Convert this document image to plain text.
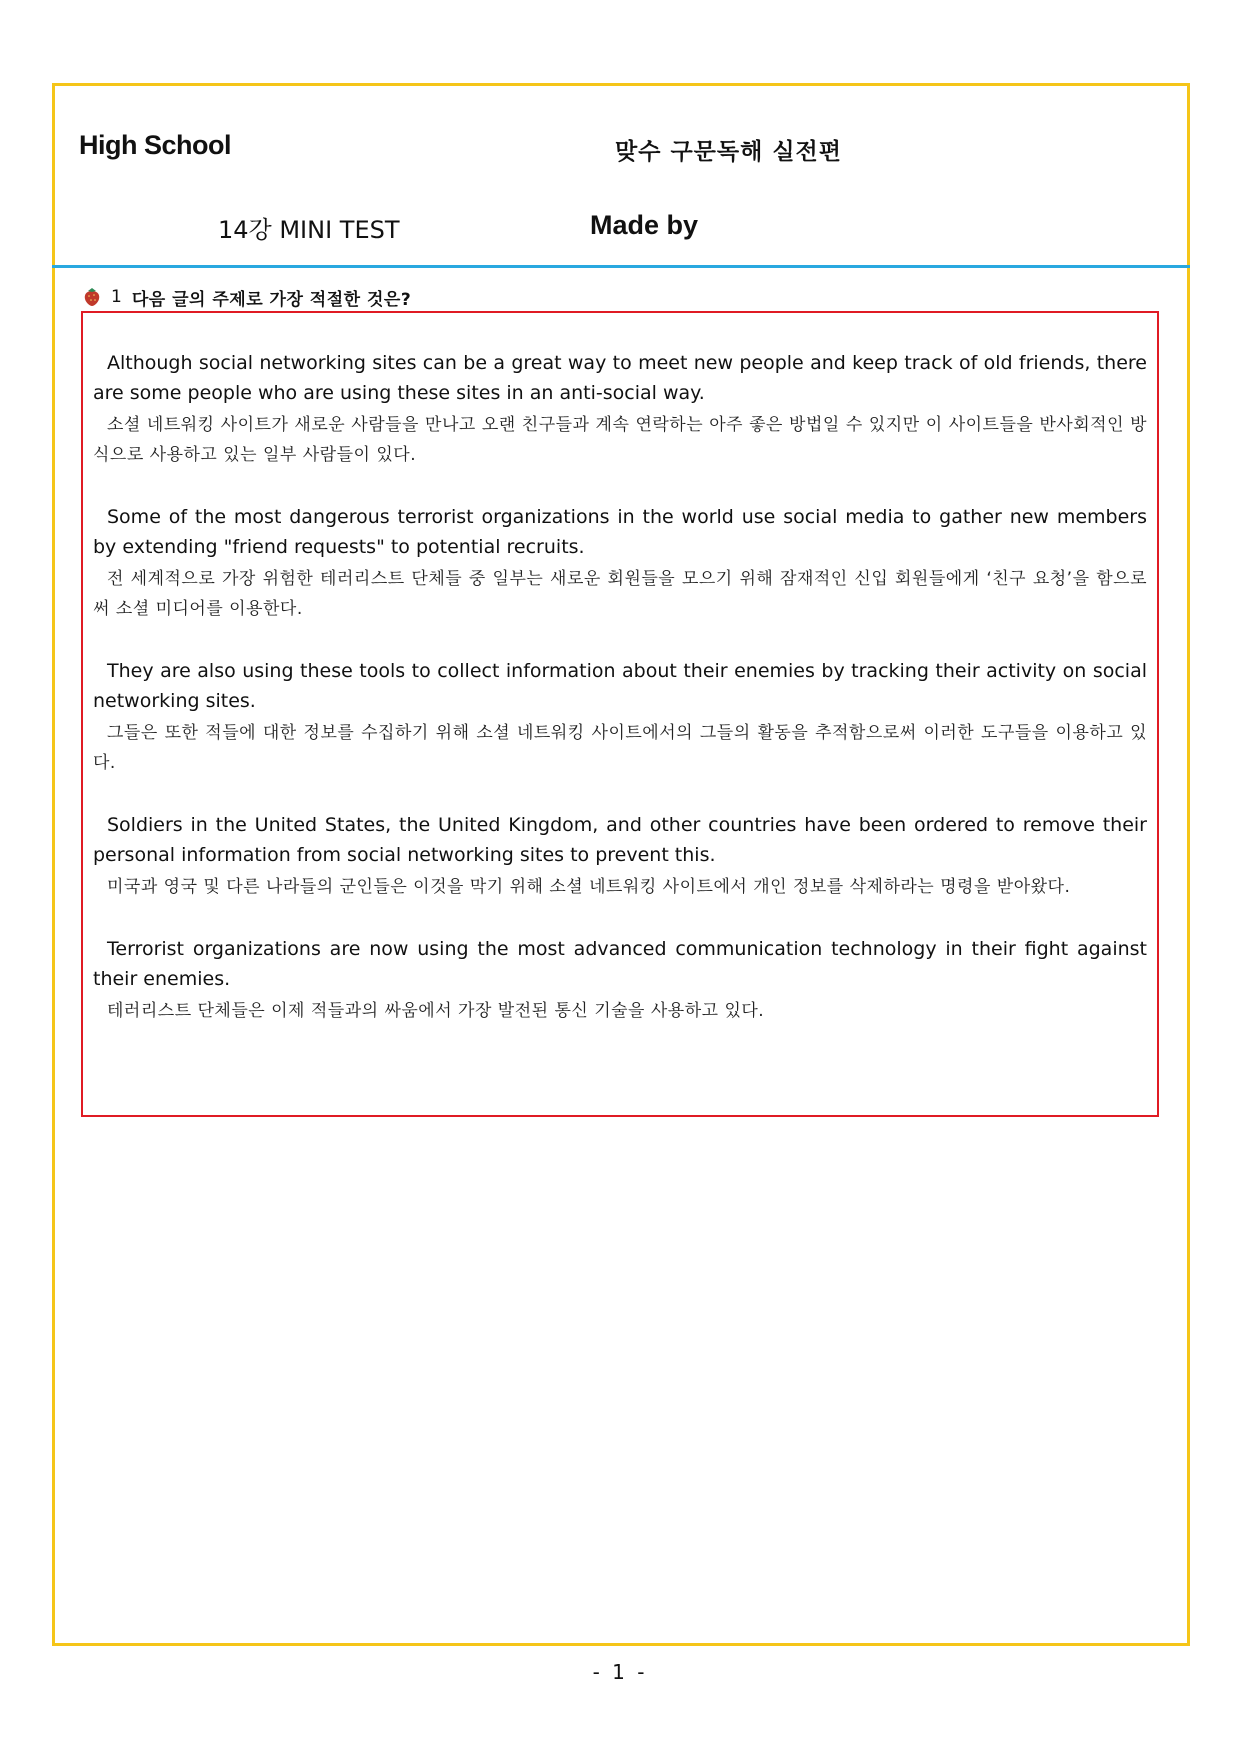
High School	맞수 구문독해 실전편
14강 MINI TEST	Made by
1 다음 글의 주제로 가장 적절한 것은?

Although social networking sites can be a great way to meet new people and keep track of old friends, there are some people who are using these sites in an anti-social way.

소셜 네트워킹 사이트가 새로운 사람들을 만나고 오랜 친구들과 계속 연락하는 아주 좋은 방법일 수 있지만 이 사이트들을 반사회적인 방식으로 사용하고 있는 일부 사람들이 있다.

Some of the most dangerous terrorist organizations in the world use social media to gather new members by extending "friend requests" to potential recruits.

전 세계적으로 가장 위험한 테러리스트 단체들 중 일부는 새로운 회원들을 모으기 위해 잠재적인 신입 회원들에게 ‘친구 요청’을 함으로써 소셜 미디어를 이용한다.

They are also using these tools to collect information about their enemies by tracking their activity on social networking sites.

그들은 또한 적들에 대한 정보를 수집하기 위해 소셜 네트워킹 사이트에서의 그들의 활동을 추적함으로써 이러한 도구들을 이용하고 있다.

Soldiers in the United States, the United Kingdom, and other countries have been ordered to remove their personal information from social networking sites to prevent this.

미국과 영국 및 다른 나라들의 군인들은 이것을 막기 위해 소셜 네트워킹 사이트에서 개인 정보를 삭제하라는 명령을 받아왔다.

Terrorist organizations are now using the most advanced communication technology in their fight against their enemies.

테러리스트 단체들은 이제 적들과의 싸움에서 가장 발전된 통신 기술을 사용하고 있다.

- 1 -
